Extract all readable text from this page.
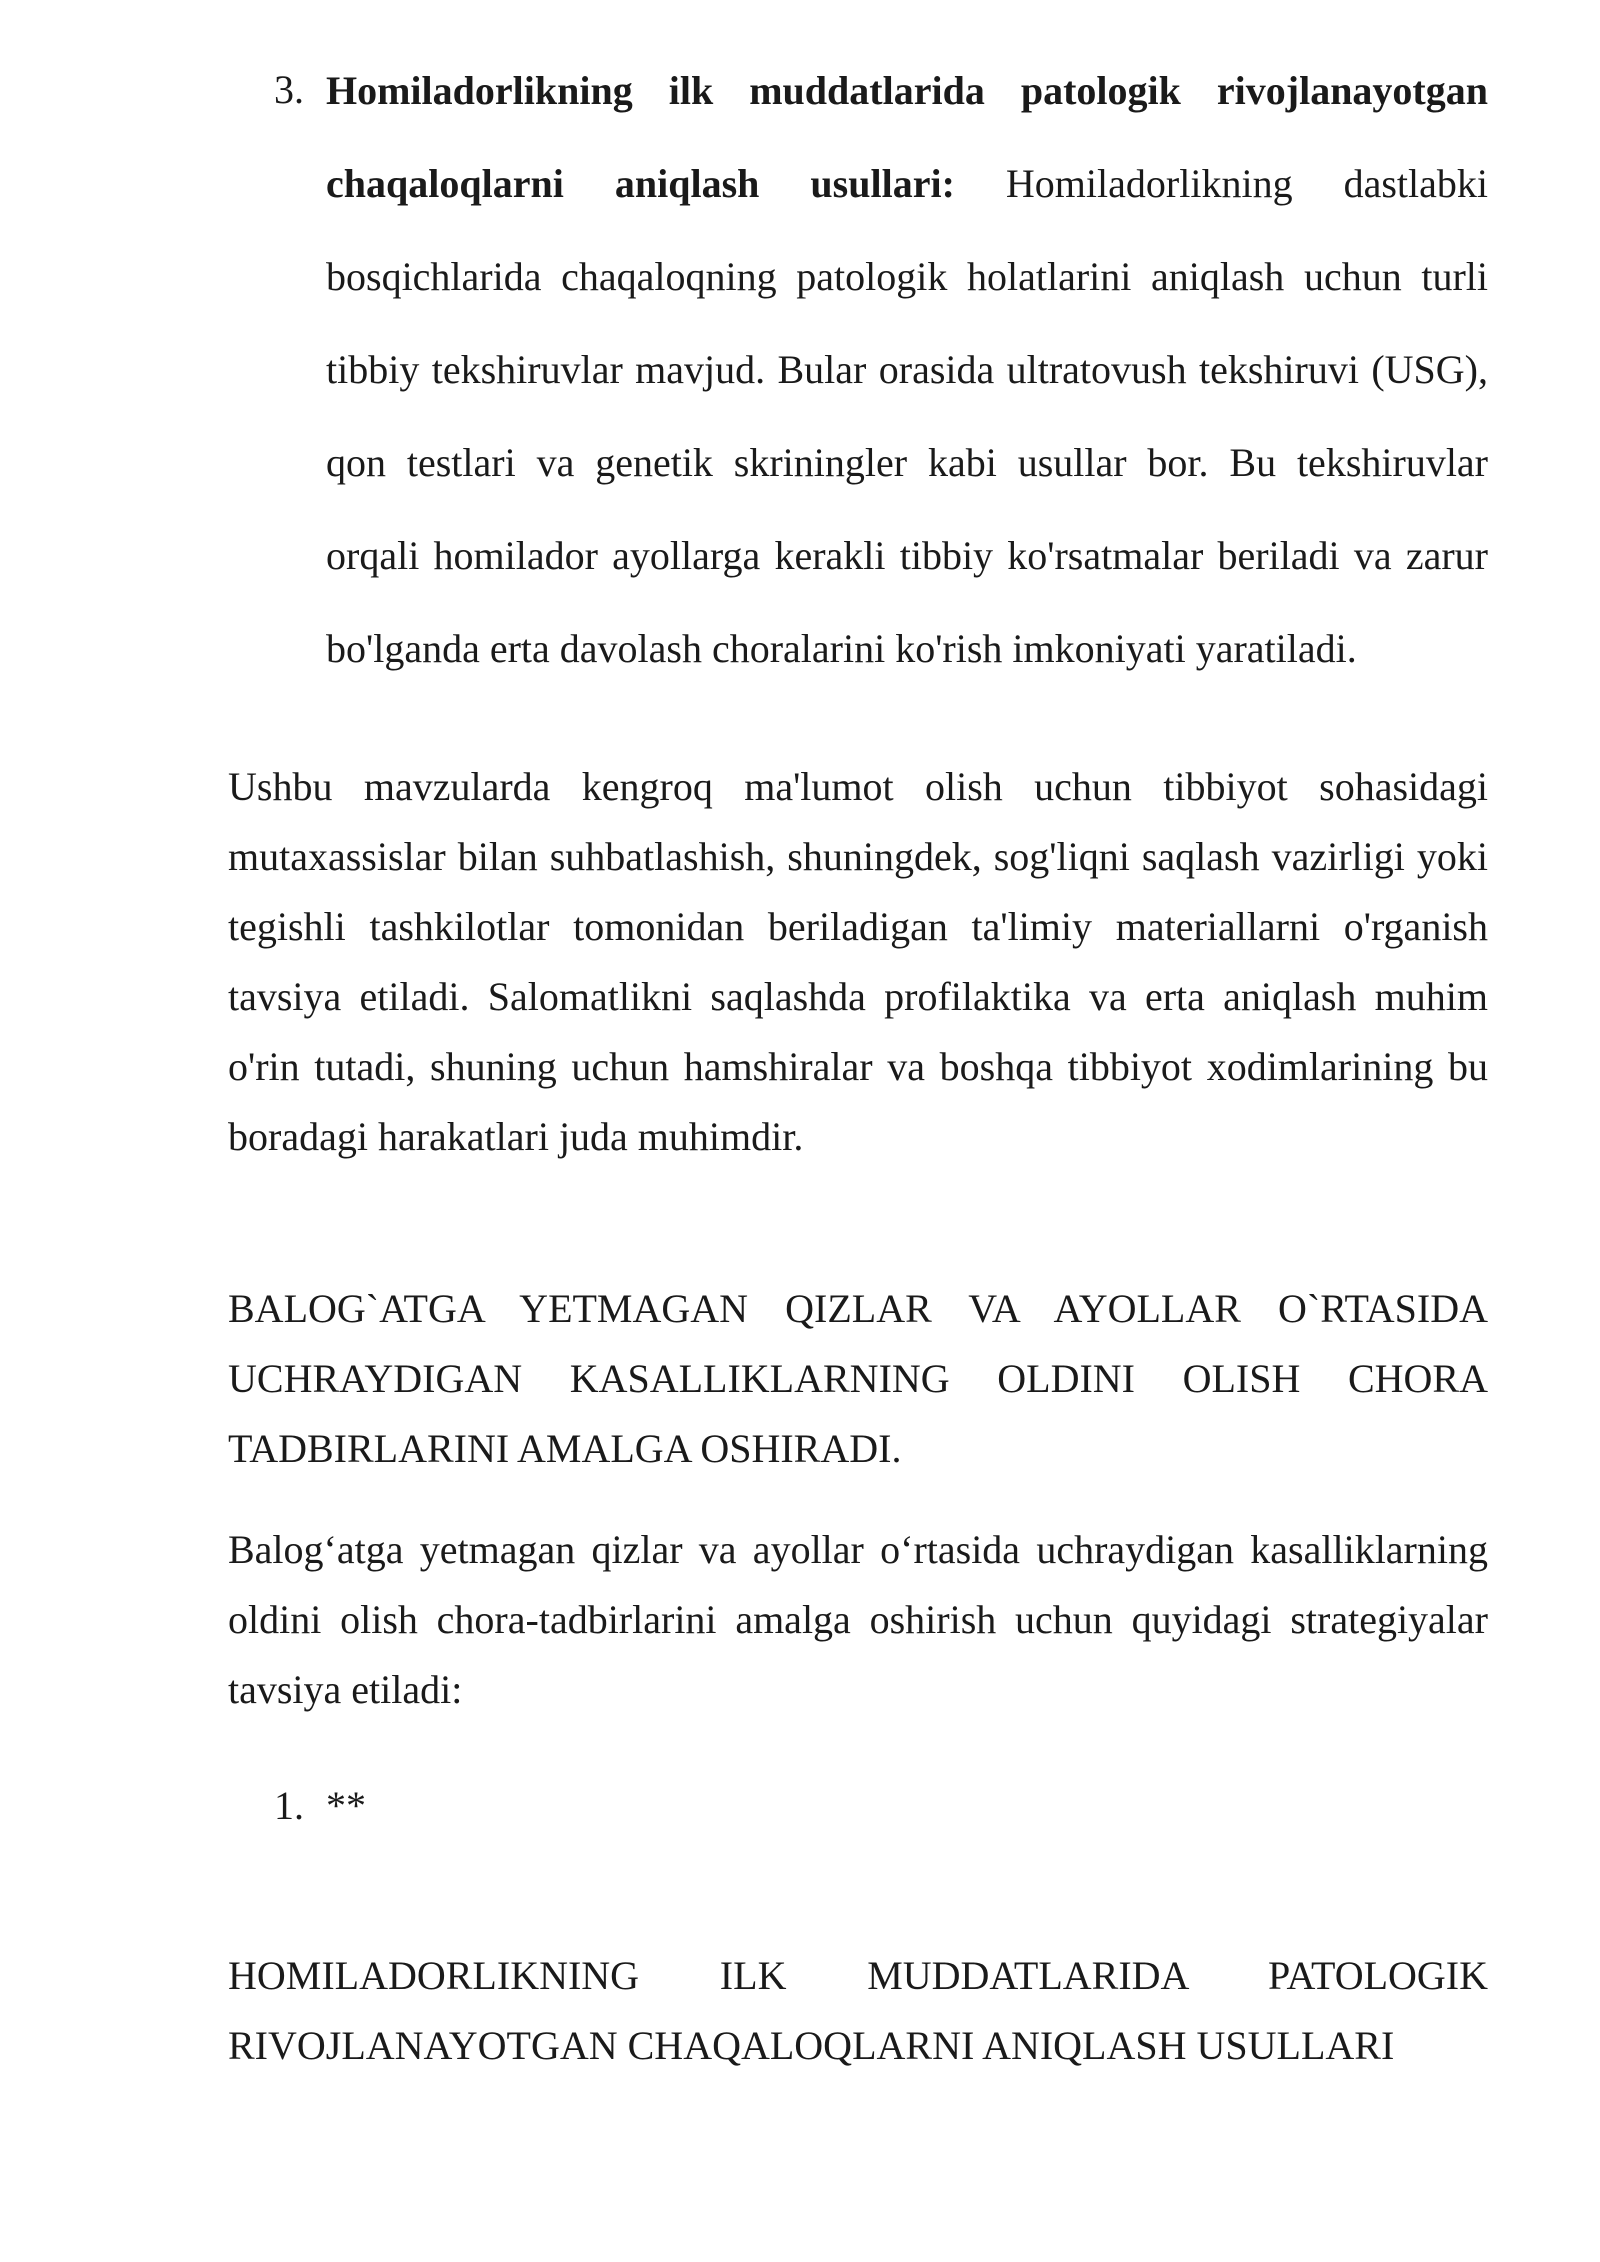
3. Homiladorlikning ilk muddatlarida patologik rivojlanayotgan chaqaloqlarni aniqlash usullari: Homiladorlikning dastlabki bosqichlarida chaqaloqning patologik holatlarini aniqlash uchun turli tibbiy tekshiruvlar mavjud. Bular orasida ultratovush tekshiruvi (USG), qon testlari va genetik skriningler kabi usullar bor. Bu tekshiruvlar orqali homilador ayollarga kerakli tibbiy ko'rsatmalar beriladi va zarur bo'lganda erta davolash choralarini ko'rish imkoniyati yaratiladi.
Ushbu mavzularda kengroq ma'lumot olish uchun tibbiyot sohasidagi mutaxassislar bilan suhbatlashish, shuningdek, sog'liqni saqlash vazirligi yoki tegishli tashkilotlar tomonidan beriladigan ta'limiy materiallarni o'rganish tavsiya etiladi. Salomatlikni saqlashda profilaktika va erta aniqlash muhim o'rin tutadi, shuning uchun hamshiralar va boshqa tibbiyot xodimlarining bu boradagi harakatlari juda muhimdir.
BALOG`ATGA YETMAGAN QIZLAR VA AYOLLAR O`RTASIDA UCHRAYDIGAN KASALLIKLARNING OLDINI OLISH CHORA TADBIRLARINI AMALGA OSHIRADI.
Balog‘atga yetmagan qizlar va ayollar o‘rtasida uchraydigan kasalliklarning oldini olish chora-tadbirlarini amalga oshirish uchun quyidagi strategiyalar tavsiya etiladi:
1. **
HOMILADORLIKNING ILK MUDDATLARIDA PATOLOGIK RIVOJLANAYOTGAN CHAQALOQLARNI ANIQLASH USULLARI
